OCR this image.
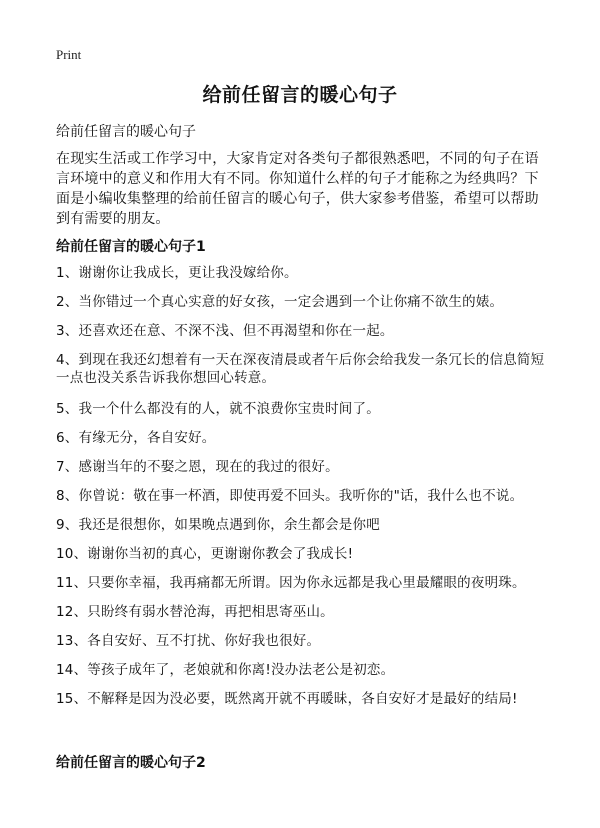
Print
给前任留言的暖心句子

给前任留言的暖心句子

在现实生活或工作学习中，大家肯定对各类句子都很熟悉吧，不同的句子在语言环境中的意义和作用大有不同。你知道什么样的句子才能称之为经典吗？下面是小编收集整理的给前任留言的暖心句子，供大家参考借鉴，希望可以帮助到有需要的朋友。

给前任留言的暖心句子1
1、谢谢你让我成长，更让我没嫁给你。
2、当你错过一个真心实意的好女孩，一定会遇到一个让你痛不欲生的婊。
3、还喜欢还在意、不深不浅、但不再渴望和你在一起。
4、到现在我还幻想着有一天在深夜清晨或者午后你会给我发一条冗长的信息简短一点也没关系告诉我你想回心转意。
5、我一个什么都没有的人，就不浪费你宝贵时间了。
6、有缘无分，各自安好。
7、感谢当年的不娶之恩，现在的我过的很好。
8、你曾说：敬在事一杯酒，即使再爱不回头。我听你的"话，我什么也不说。
9、我还是很想你，如果晚点遇到你，余生都会是你吧
10、谢谢你当初的真心，更谢谢你教会了我成长!
11、只要你幸福，我再痛都无所谓。因为你永远都是我心里最耀眼的夜明珠。
12、只盼终有弱水替沧海，再把相思寄巫山。
13、各自安好、互不打扰、你好我也很好。
14、等孩子成年了，老娘就和你离!没办法老公是初恋。
15、不解释是因为没必要，既然离开就不再暖昧，各自安好才是最好的结局!
给前任留言的暖心句子2
